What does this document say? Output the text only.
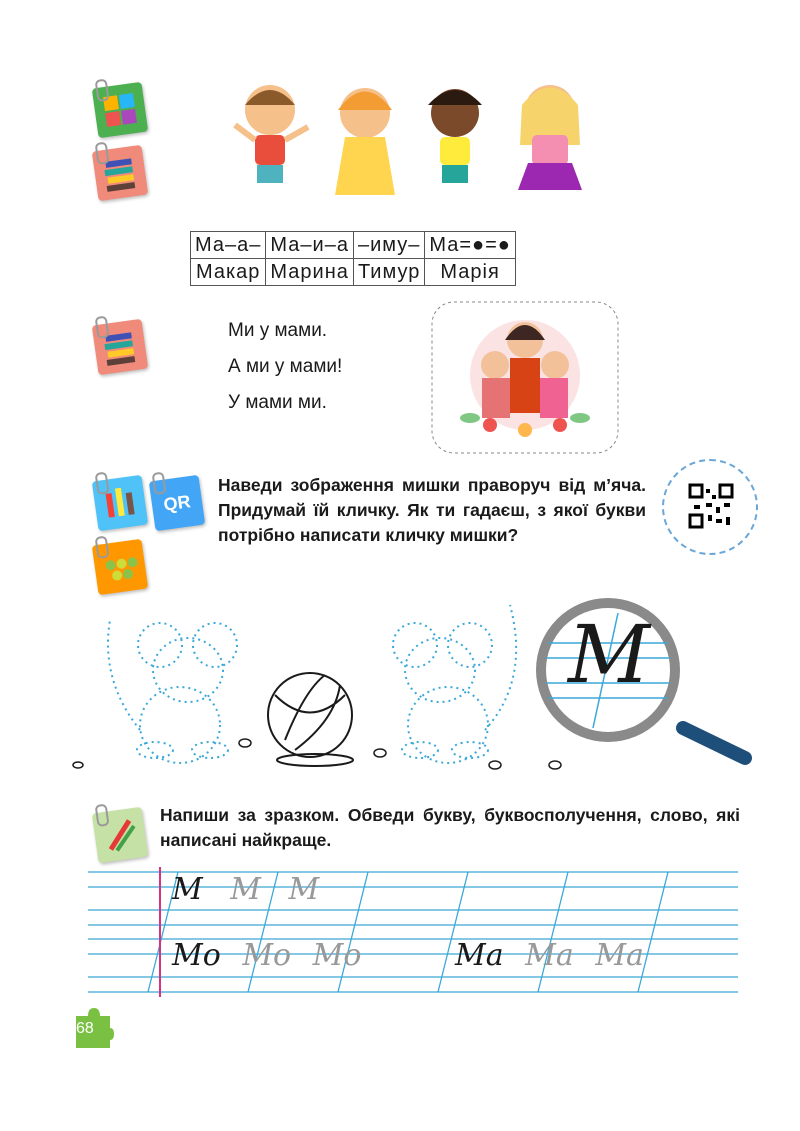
Ма–а–	Ма–и–а	–иму–	Ма=●=●
Макар	Марина	Тимур	Марія

Ми у мами.

А ми у мами!

У мами ми.

QR
Наведи зображення мишки праворуч від м’яча. Придумай їй кличку. Як ти гадаєш, з якої букви потрібно написати кличку мишки?
М
Напиши за зразком. Обведи букву, буквосполучення, слово, які написані найкраще.
М М М
Мо Мо Мо	Ма Ма Ма
68
